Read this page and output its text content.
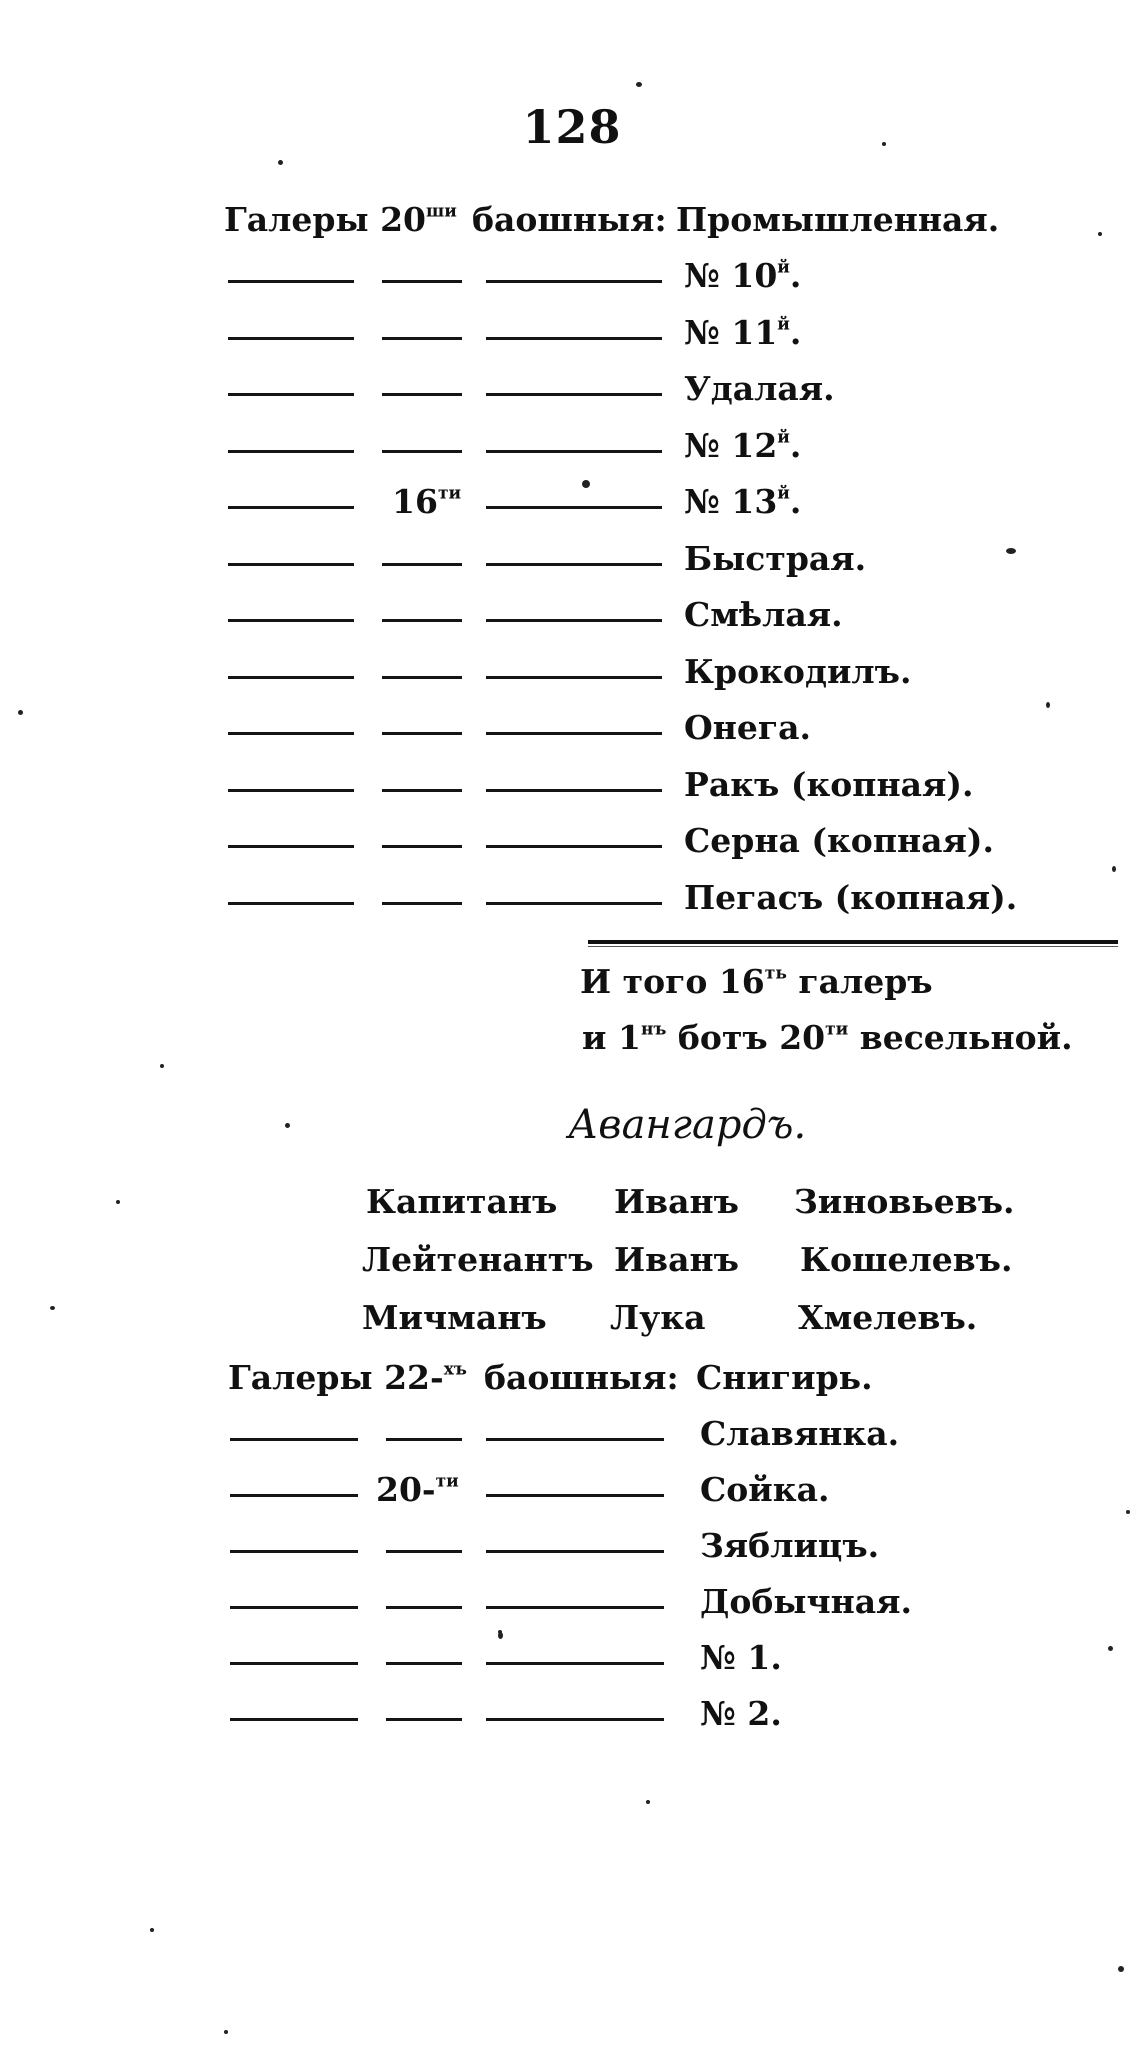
128
Галеры $20^{ши}$ баошныя: Промышленная.
№ $10^й$.
№ $11^й$.
Удалая.
№ $12^й$.
$16^{ти}$	№ $13^й$.
Быстрая.
Смѣлая.
Крокодилъ.
Онега.
Ракъ (копная).
Серна (копная).
Пегасъ (копная).
И того $16^{ть}$ галеръ
и $1^{нъ}$ ботъ $20^{ти}$ весельной.
Авангардъ.
Капитанъ Иванъ Зиновьевъ.
Лейтенантъ Иванъ Кошелевъ.
Мичманъ Лука	Хмелевъ.
Галеры 22-$^{хъ}$ баошныя: Снигирь.
Славянка.
20-$^{ти}$	Сойка.
Зяблицъ.
Добычная.
№ 1.
№ 2.
